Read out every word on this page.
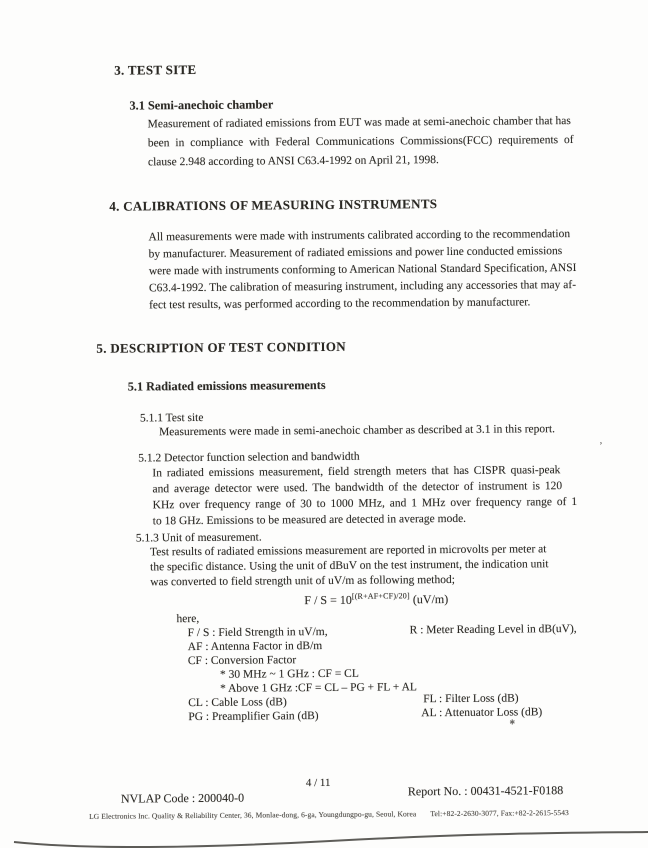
3. TEST SITE
3.1 Semi-anechoic chamber
Measurement of radiated emissions from EUT was made at semi-anechoic chamber that has
been in compliance with Federal Communications Commissions(FCC) requirements of
clause 2.948 according to ANSI C63.4-1992 on April 21, 1998.
4. CALIBRATIONS OF MEASURING INSTRUMENTS
All measurements were made with instruments calibrated according to the recommendation
by manufacturer. Measurement of radiated emissions and power line conducted emissions
were made with instruments conforming to American National Standard Specification, ANSI
C63.4-1992. The calibration of measuring instrument, including any accessories that may af-
fect test results, was performed according to the recommendation by manufacturer.
5. DESCRIPTION OF TEST CONDITION
5.1 Radiated emissions measurements
5.1.1 Test site
Measurements were made in semi-anechoic chamber as described at 3.1 in this report.
5.1.2 Detector function selection and bandwidth
In radiated emissions measurement, field strength meters that has CISPR quasi-peak
and average detector were used. The bandwidth of the detector of instrument is 120
KHz over frequency range of 30 to 1000 MHz, and 1 MHz over frequency range of 1
to 18 GHz. Emissions to be measured are detected in average mode.
5.1.3 Unit of measurement.
Test results of radiated emissions measurement are reported in microvolts per meter at
the specific distance. Using the unit of dBuV on the test instrument, the indication unit
was converted to field strength unit of uV/m as following method;
F / S = 10[(R+AF+CF)/20] (uV/m)
here,
F / S : Field Strength in uV/m,	R : Meter Reading Level in dB(uV),
AF : Antenna Factor in dB/m
CF : Conversion Factor
* 30 MHz ~ 1 GHz : CF = CL
* Above 1 GHz :CF = CL – PG + FL + AL
CL : Cable Loss (dB)	FL : Filter Loss (dB)
PG : Preamplifier Gain (dB)	AL : Attenuator Loss (dB)
4 / 11
NVLAP Code : 200040-0	Report No. : 00431-4521-F0188
LG Electronics Inc. Quality & Reliability Center, 36, Monlae-dong, 6-ga, Youngdungpo-gu, Seoul, Korea Tel:+82-2-2630-3077, Fax:+82-2-2615-5543
’
✱
